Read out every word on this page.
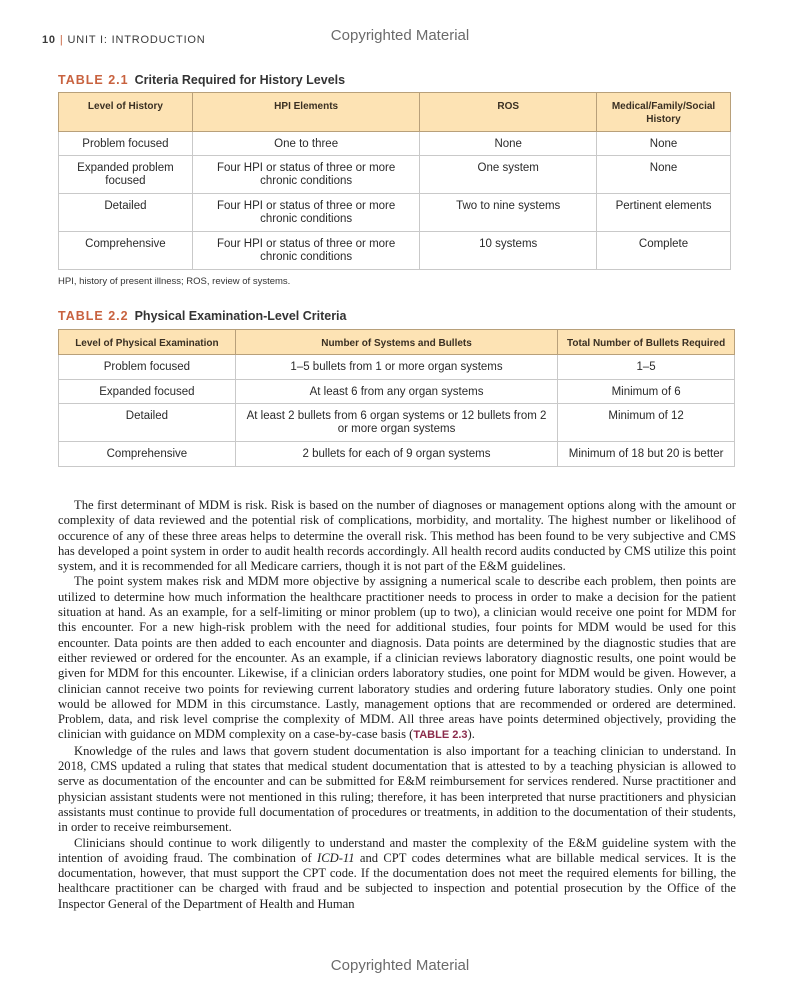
10 | UNIT I: INTRODUCTION	Copyrighted Material
TABLE 2.1 Criteria Required for History Levels
Level of History	HPI Elements	ROS	Medical/Family/Social History
Problem focused	One to three	None	None
Expanded problem focused	Four HPI or status of three or more chronic conditions	One system	None
Detailed	Four HPI or status of three or more chronic conditions	Two to nine systems	Pertinent elements
Comprehensive	Four HPI or status of three or more chronic conditions	10 systems	Complete
HPI, history of present illness; ROS, review of systems.
TABLE 2.2 Physical Examination-Level Criteria
Level of Physical Examination	Number of Systems and Bullets	Total Number of Bullets Required
Problem focused	1–5 bullets from 1 or more organ systems	1–5
Expanded focused	At least 6 from any organ systems	Minimum of 6
Detailed	At least 2 bullets from 6 organ systems or 12 bullets from 2 or more organ systems	Minimum of 12
Comprehensive	2 bullets for each of 9 organ systems	Minimum of 18 but 20 is better

The first determinant of MDM is risk. Risk is based on the number of diagnoses or management options along with the amount or complexity of data reviewed and the potential risk of complications, morbidity, and mortality. The highest number or likelihood of occurence of any of these three areas helps to determine the overall risk. This method has been found to be very subjective and CMS has developed a point system in order to audit health records accordingly. All health record audits conducted by CMS utilize this point system, and it is recommended for all Medicare carriers, though it is not part of the E&M guidelines.

The point system makes risk and MDM more objective by assigning a numerical scale to describe each problem, then points are utilized to determine how much information the healthcare practitioner needs to process in order to make a decision for the patient situation at hand. As an example, for a self-limiting or minor problem (up to two), a clinician would receive one point for MDM for this encounter. For a new high-risk problem with the need for additional studies, four points for MDM would be used for this encounter. Data points are then added to each encounter and diagnosis. Data points are determined by the diagnostic studies that are either reviewed or ordered for the encounter. As an example, if a clinician reviews laboratory diagnostic results, one point would be given for MDM for this encounter. Likewise, if a clinician orders laboratory studies, one point for MDM would be given. However, a clinician cannot receive two points for reviewing current laboratory studies and ordering future laboratory studies. Only one point would be allowed for MDM in this circumstance. Lastly, management options that are recommended or ordered are determined. Problem, data, and risk level comprise the complexity of MDM. All three areas have points determined objectively, providing the clinician with guidance on MDM complexity on a case-by-case basis (TABLE 2.3).

Knowledge of the rules and laws that govern student documentation is also important for a teaching clinician to understand. In 2018, CMS updated a ruling that states that medical student documentation that is attested to by a teaching physician is allowed to serve as documentation of the encounter and can be submitted for E&M reimbursement for services rendered. Nurse practitioner and physician assistant students were not mentioned in this ruling; therefore, it has been interpreted that nurse practitioners and physician assistants must continue to provide full documentation of procedures or treatments, in addition to the documentation of their students, in order to receive reimbursement.

Clinicians should continue to work diligently to understand and master the complexity of the E&M guideline system with the intention of avoiding fraud. The combination of ICD-11 and CPT codes determines what are billable medical services. It is the documentation, however, that must support the CPT code. If the documentation does not meet the required elements for billing, the healthcare practitioner can be charged with fraud and be subjected to inspection and potential prosecution by the Office of the Inspector General of the Department of Health and Human

Copyrighted Material
